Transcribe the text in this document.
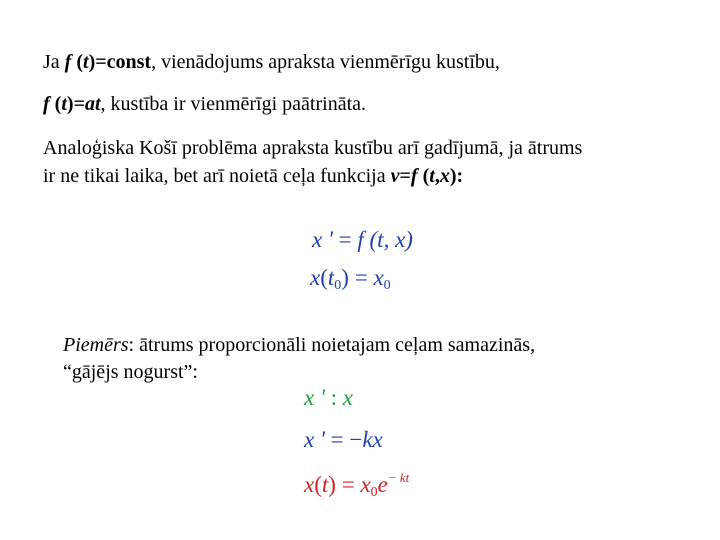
Ja f (t)=const, vienādojums apraksta vienmērīgu kustību,
f (t)=at, kustība ir vienmērīgi paātrināta.
Analoģiska Košī problēma apraksta kustību arī gadījumā, ja ātrums
ir ne tikai laika, bet arī noietā ceļa funkcija v=f (t,x):
x ' = f (t, x)
$x(t_0) = x_0$
Piemērs: ātrums proporcionāli noietajam ceļam samazinās,
“gājējs nogurst”:
x ' : x
x ' = −kx
$x(t) = x_0e^{- kt}$
